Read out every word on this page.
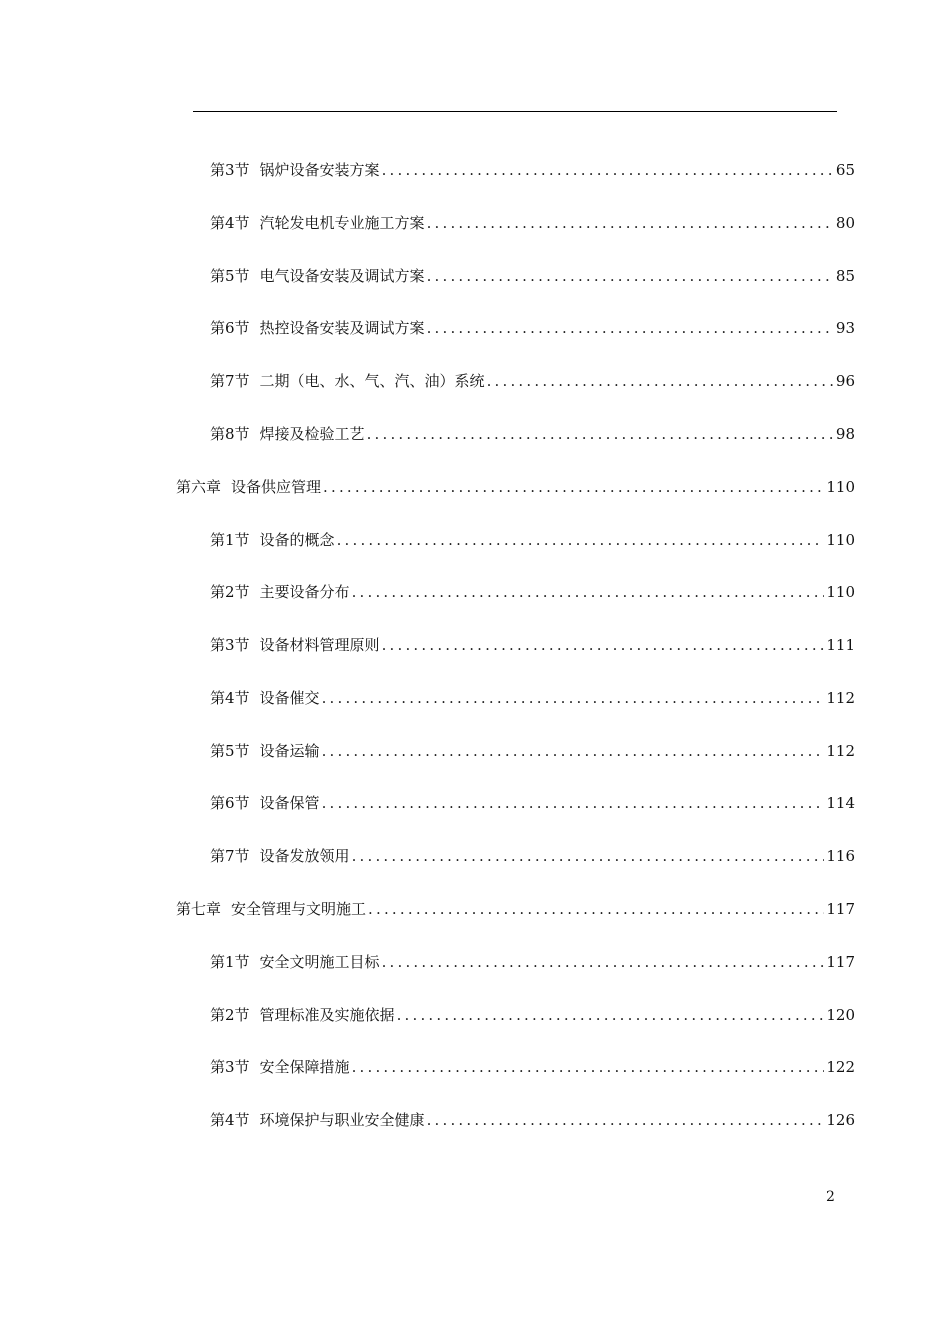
第3节 锅炉设备安装方案 .....	65
第4节 汽轮发电机专业施工方案 .....	80
第5节 电气设备安装及调试方案 .....	85
第6节 热控设备安装及调试方案 .....	93
第7节 二期（电、水、气、汽、油）系统 .....	96
第8节 焊接及检验工艺 .....	98
第六章 设备供应管理 .....	110
第1节 设备的概念 .....	110
第2节 主要设备分布 .....	110
第3节 设备材料管理原则 .....	111
第4节 设备催交 .....	112
第5节 设备运输 .....	112
第6节 设备保管 .....	114
第7节 设备发放领用 .....	116
第七章 安全管理与文明施工 .....	117
第1节 安全文明施工目标 .....	117
第2节 管理标准及实施依据 .....	120
第3节 安全保障措施 .....	122
第4节 环境保护与职业安全健康 .....	126
2
